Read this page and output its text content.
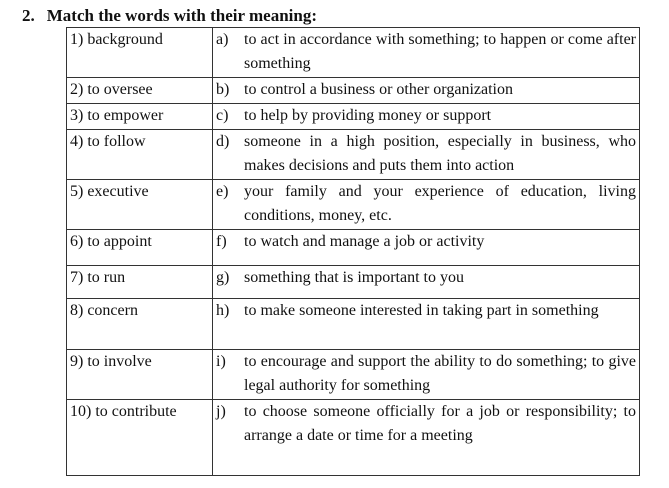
2. Match the words with their meaning:
1) background	a) to act in accordance with something; to happen or come after something

2) to oversee	b) to control a business or other organization

3) to empower	c) to help by providing money or support

4) to follow	d) someone in a high position, especially in business, who makes decisions and puts them into action

5) executive	e) your family and your experience of education, living conditions, money, etc.

6) to appoint	f) to watch and manage a job or activity

7) to run	g) something that is important to you

8) concern	h) to make someone interested in taking part in something

9) to involve	i) to encourage and support the ability to do something; to give legal authority for something

10) to contribute	j) to choose someone officially for a job or responsibility; to arrange a date or time for a meeting
